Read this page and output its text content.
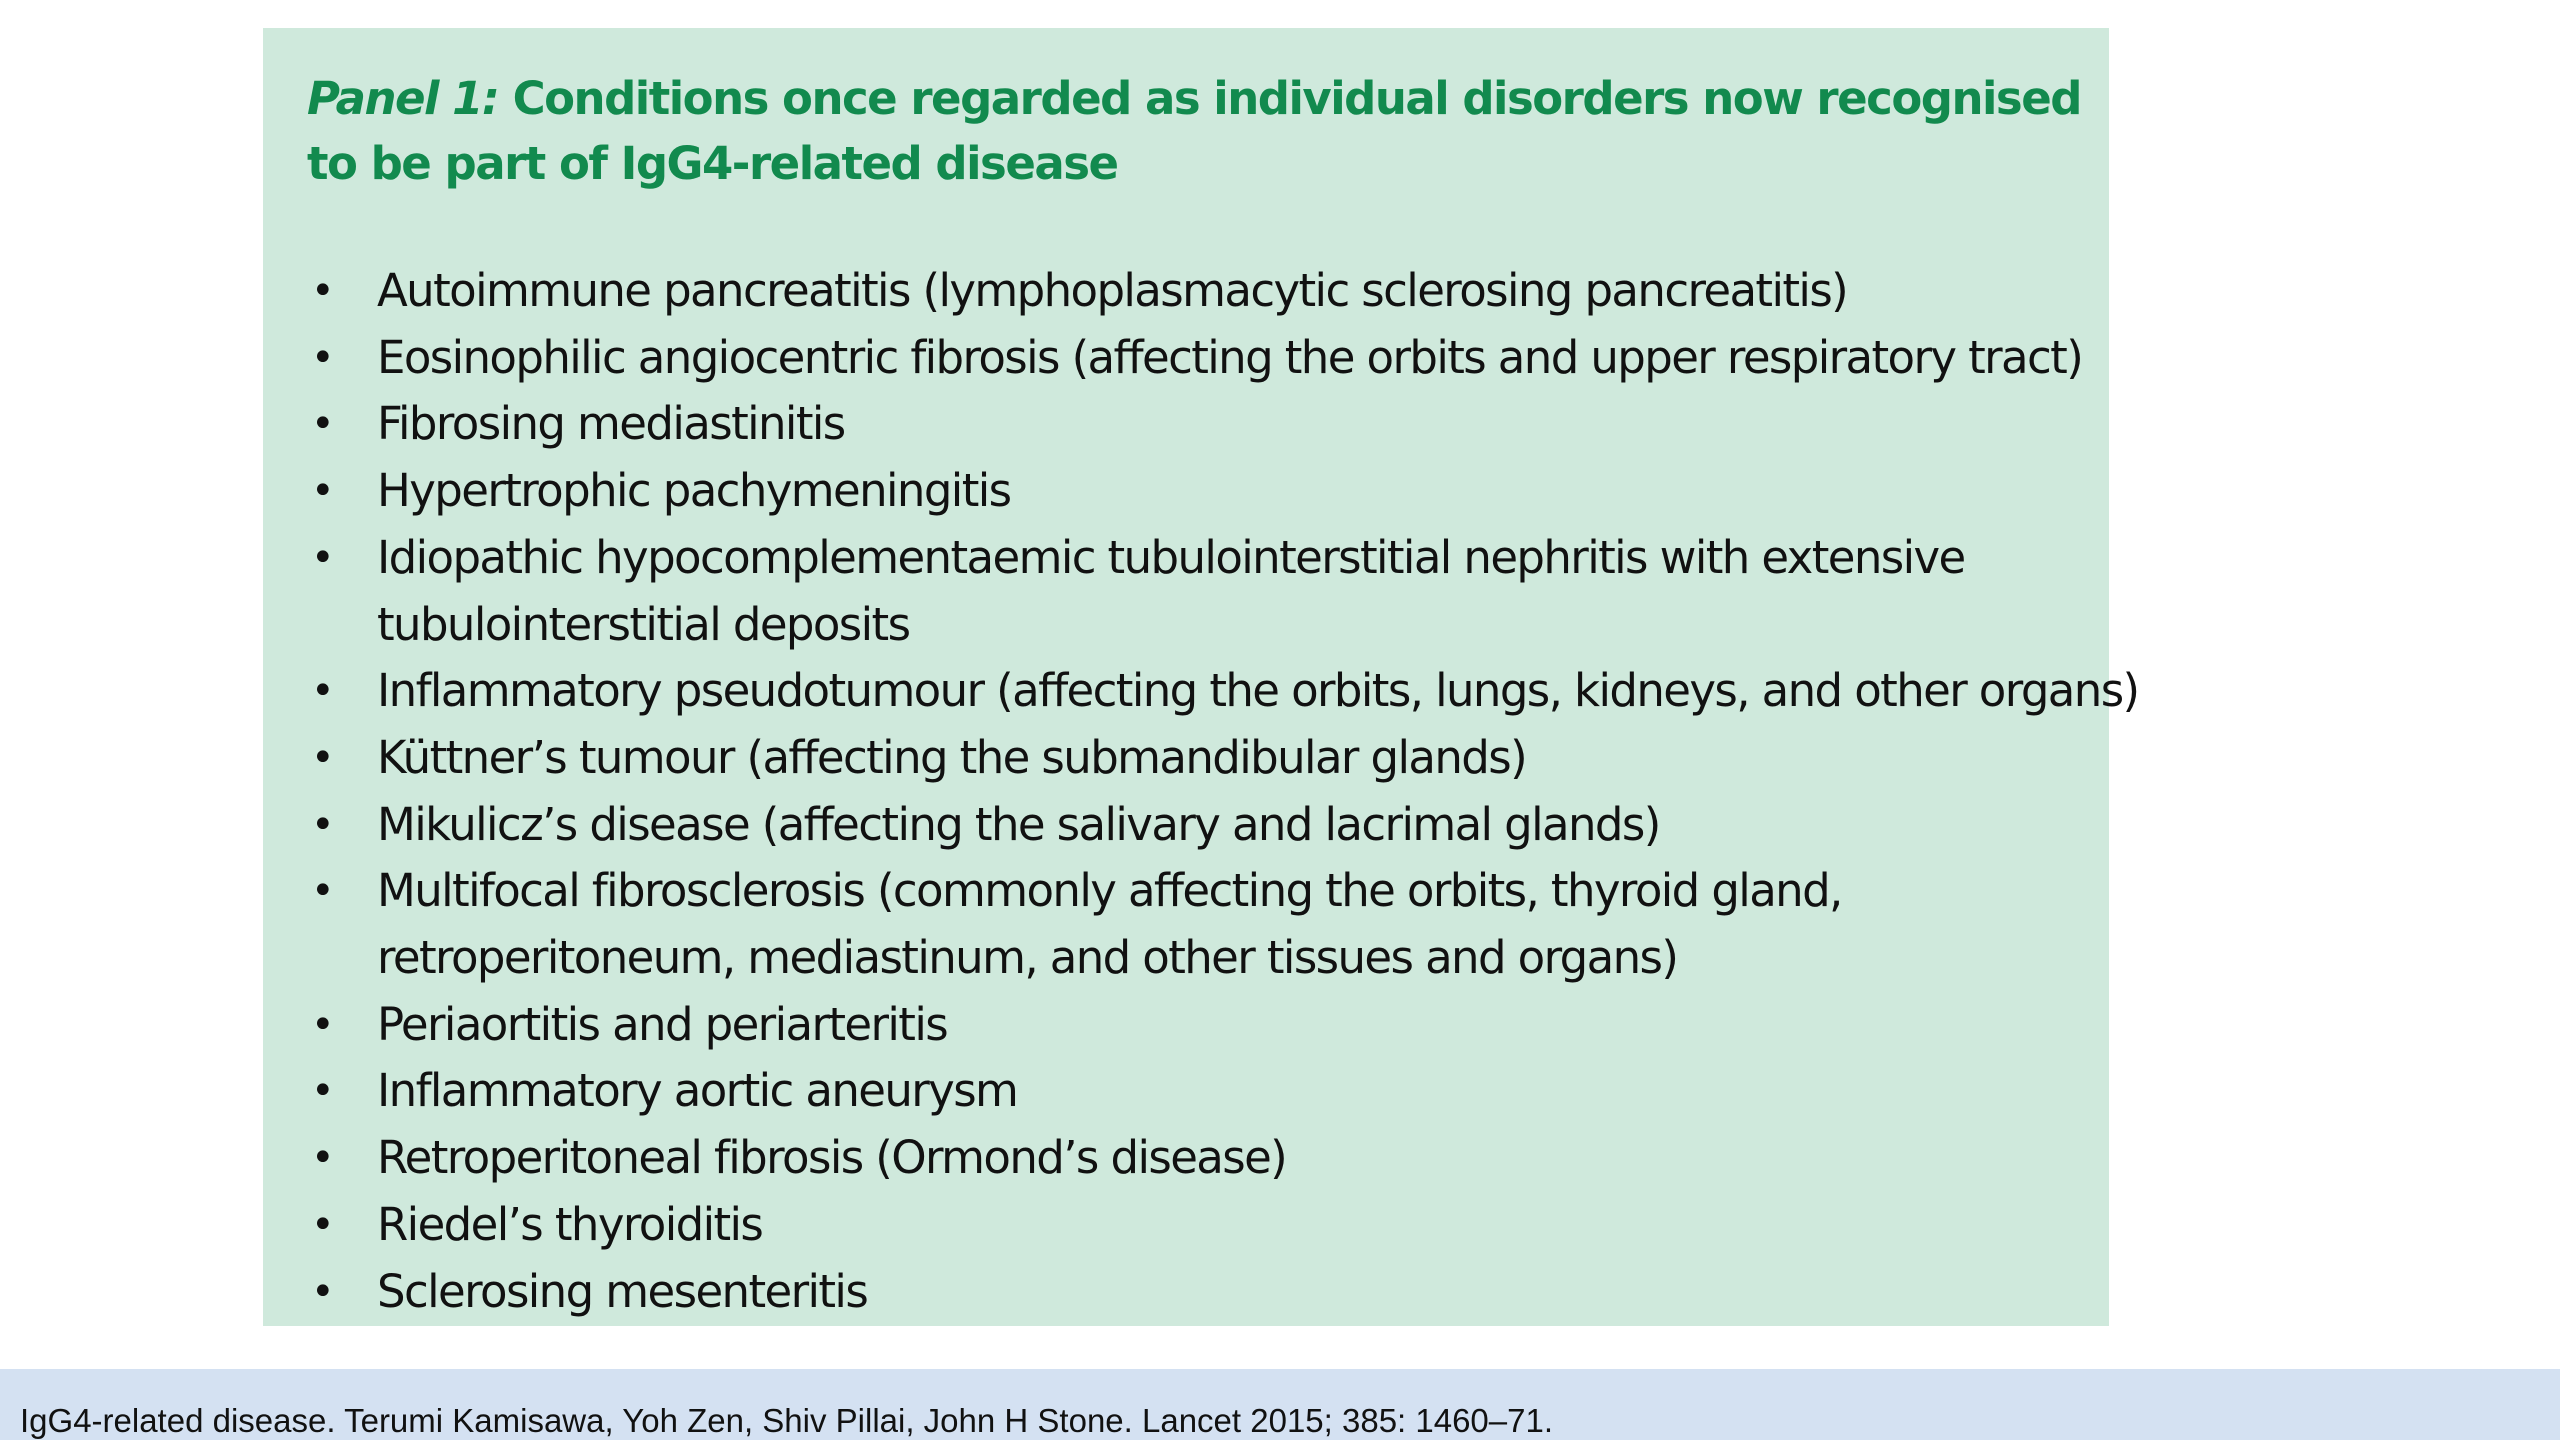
Panel 1: Conditions once regarded as individual disorders now recognised to be part of IgG4-related disease
• Autoimmune pancreatitis (lymphoplasmacytic sclerosing pancreatitis)
• Eosinophilic angiocentric fibrosis (affecting the orbits and upper respiratory tract)
• Fibrosing mediastinitis
• Hypertrophic pachymeningitis
• Idiopathic hypocomplementaemic tubulointerstitial nephritis with extensive
tubulointerstitial deposits
• Inflammatory pseudotumour (affecting the orbits, lungs, kidneys, and other organs)
• Küttner’s tumour (affecting the submandibular glands)
• Mikulicz’s disease (affecting the salivary and lacrimal glands)
• Multifocal fibrosclerosis (commonly affecting the orbits, thyroid gland,
retroperitoneum, mediastinum, and other tissues and organs)
• Periaortitis and periarteritis
• Inflammatory aortic aneurysm
• Retroperitoneal fibrosis (Ormond’s disease)
• Riedel’s thyroiditis
• Sclerosing mesenteritis
IgG4-related disease. Terumi Kamisawa, Yoh Zen, Shiv Pillai, John H Stone. Lancet 2015; 385: 1460–71.
